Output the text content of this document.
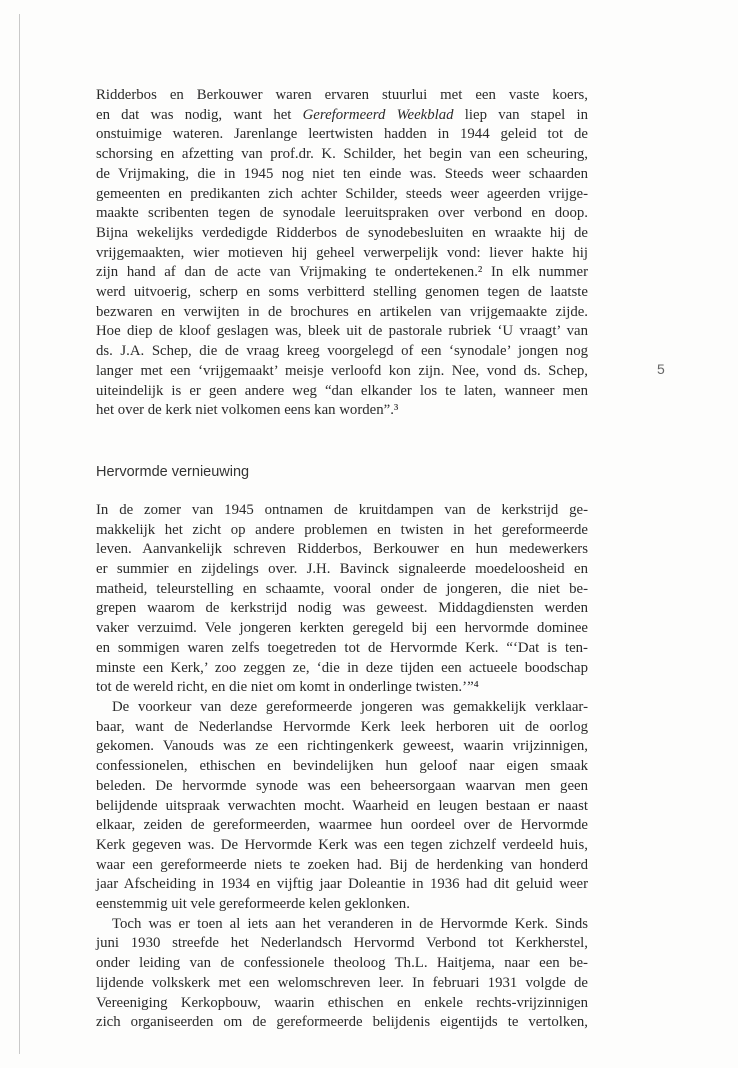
Ridderbos en Berkouwer waren ervaren stuurlui met een vaste koers,
en dat was nodig, want het Gereformeerd Weekblad liep van stapel in
onstuimige wateren. Jarenlange leertwisten hadden in 1944 geleid tot de
schorsing en afzetting van prof.dr. K. Schilder, het begin van een scheuring,
de Vrijmaking, die in 1945 nog niet ten einde was. Steeds weer schaarden
gemeenten en predikanten zich achter Schilder, steeds weer ageerden vrijge-
maakte scribenten tegen de synodale leeruitspraken over verbond en doop.
Bijna wekelijks verdedigde Ridderbos de synodebesluiten en wraakte hij de
vrijgemaakten, wier motieven hij geheel verwerpelijk vond: liever hakte hij
zijn hand af dan de acte van Vrijmaking te ondertekenen.² In elk nummer
werd uitvoerig, scherp en soms verbitterd stelling genomen tegen de laatste
bezwaren en verwijten in de brochures en artikelen van vrijgemaakte zijde.
Hoe diep de kloof geslagen was, bleek uit de pastorale rubriek ‘U vraagt’ van
ds. J.A. Schep, die de vraag kreeg voorgelegd of een ‘synodale’ jongen nog
langer met een ‘vrijgemaakt’ meisje verloofd kon zijn. Nee, vond ds. Schep,
uiteindelijk is er geen andere weg “dan elkander los te laten, wanneer men
het over de kerk niet volkomen eens kan worden”.³

Hervormde vernieuwing

In de zomer van 1945 ontnamen de kruitdampen van de kerkstrijd ge-
makkelijk het zicht op andere problemen en twisten in het gereformeerde
leven. Aanvankelijk schreven Ridderbos, Berkouwer en hun medewerkers
er summier en zijdelings over. J.H. Bavinck signaleerde moedeloosheid en
matheid, teleurstelling en schaamte, vooral onder de jongeren, die niet be-
grepen waarom de kerkstrijd nodig was geweest. Middagdiensten werden
vaker verzuimd. Vele jongeren kerkten geregeld bij een hervormde dominee
en sommigen waren zelfs toegetreden tot de Hervormde Kerk. “‘Dat is ten-
minste een Kerk,’ zoo zeggen ze, ‘die in deze tijden een actueele boodschap
tot de wereld richt, en die niet om komt in onderlinge twisten.’”⁴

De voorkeur van deze gereformeerde jongeren was gemakkelijk verklaar-
baar, want de Nederlandse Hervormde Kerk leek herboren uit de oorlog
gekomen. Vanouds was ze een richtingenkerk geweest, waarin vrijzinnigen,
confessionelen, ethischen en bevindelijken hun geloof naar eigen smaak
beleden. De hervormde synode was een beheersorgaan waarvan men geen
belijdende uitspraak verwachten mocht. Waarheid en leugen bestaan er naast
elkaar, zeiden de gereformeerden, waarmee hun oordeel over de Hervormde
Kerk gegeven was. De Hervormde Kerk was een tegen zichzelf verdeeld huis,
waar een gereformeerde niets te zoeken had. Bij de herdenking van honderd
jaar Afscheiding in 1934 en vijftig jaar Doleantie in 1936 had dit geluid weer
eenstemmig uit vele gereformeerde kelen geklonken.

Toch was er toen al iets aan het veranderen in de Hervormde Kerk. Sinds
juni 1930 streefde het Nederlandsch Hervormd Verbond tot Kerkherstel,
onder leiding van de confessionele theoloog Th.L. Haitjema, naar een be-
lijdende volkskerk met een welomschreven leer. In februari 1931 volgde de
Vereeniging Kerkopbouw, waarin ethischen en enkele rechts-vrijzinnigen
zich organiseerden om de gereformeerde belijdenis eigentijds te vertolken,

5
